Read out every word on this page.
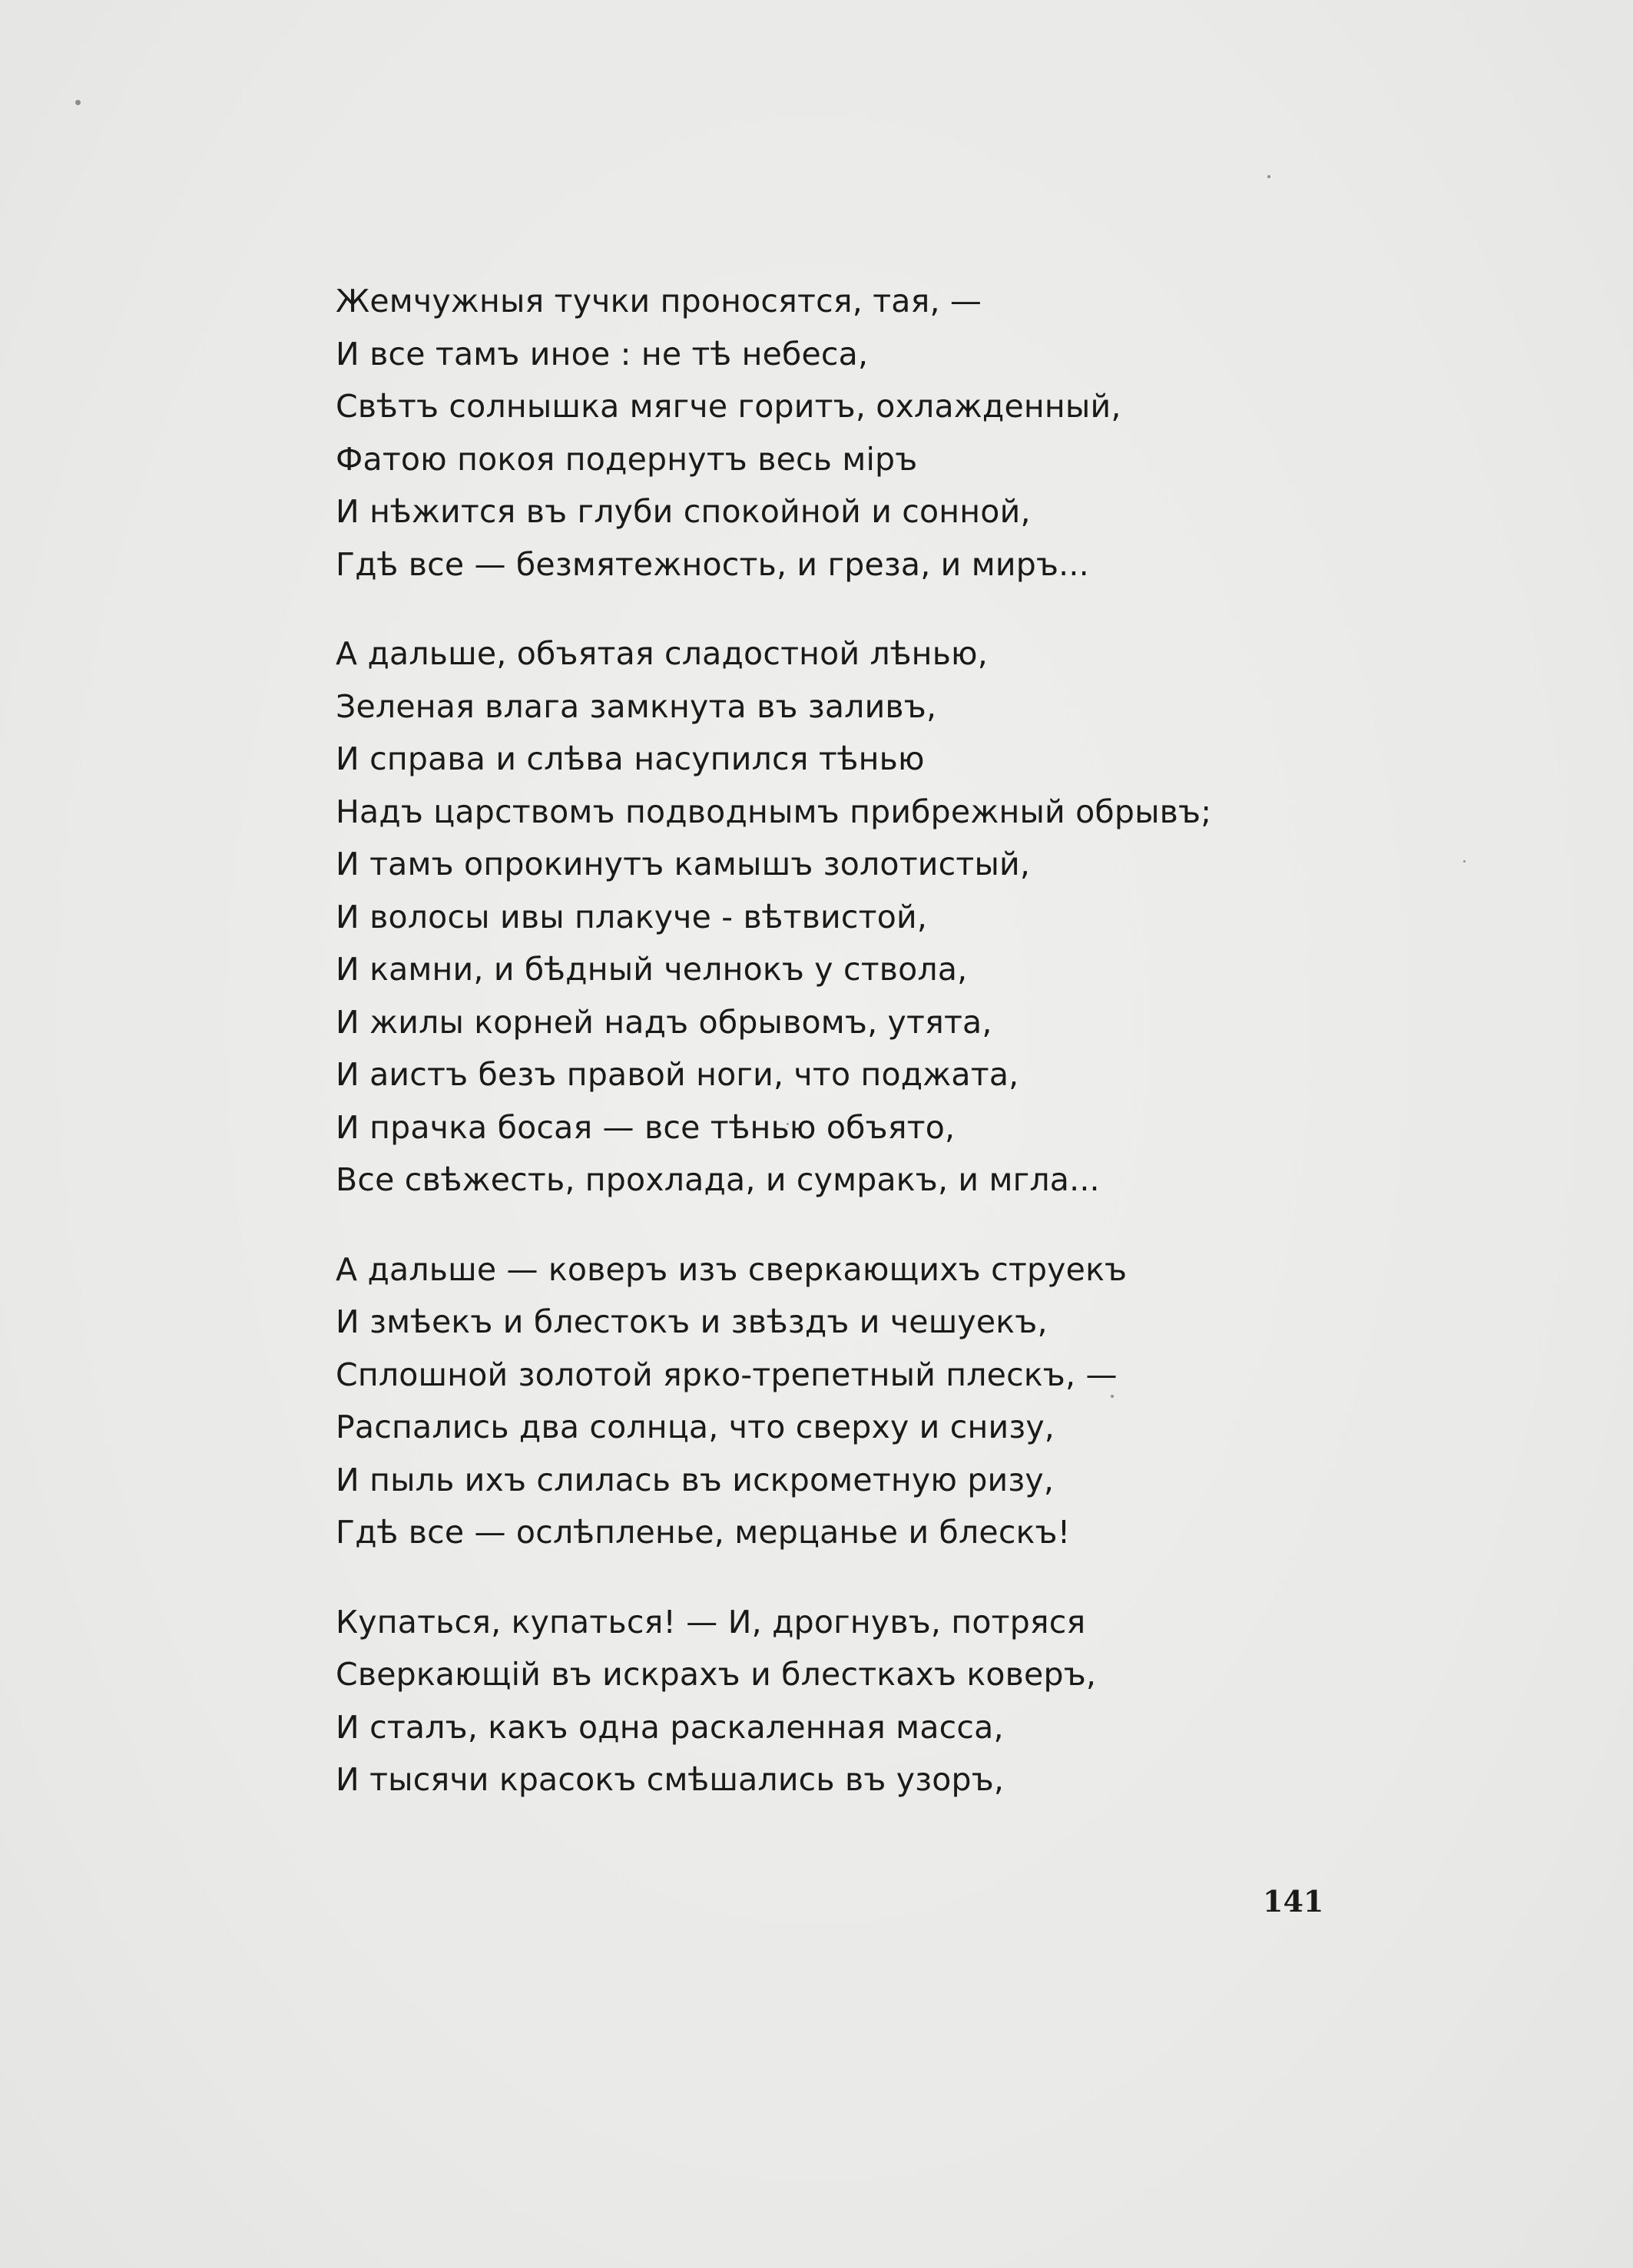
Жемчужныя тучки проносятся, тая, —
И все тамъ иное : не тѣ небеса,
Свѣтъ солнышка мягче горитъ, охлажденный,
Фатою покоя подернутъ весь міръ
И нѣжится въ глуби спокойной и сонной,
Гдѣ все — безмятежность, и греза, и миръ...
А дальше, объятая сладостной лѣнью,
Зеленая влага замкнута въ заливъ,
И справа и слѣва насупился тѣнью
Надъ царствомъ подводнымъ прибрежный обрывъ;
И тамъ опрокинутъ камышъ золотистый,
И волосы ивы плакуче - вѣтвистой,
И камни, и бѣдный челнокъ у ствола,
И жилы корней надъ обрывомъ, утята,
И аистъ безъ правой ноги, что поджата,
И прачка босая — все тѣнью объято,
Все свѣжесть, прохлада, и сумракъ, и мгла...
А дальше — коверъ изъ сверкающихъ струекъ
И змѣекъ и блестокъ и звѣздъ и чешуекъ,
Сплошной золотой ярко-трепетный плескъ, —
Распались два солнца, что сверху и снизу,
И пыль ихъ слилась въ искрометную ризу,
Гдѣ все — ослѣпленье, мерцанье и блескъ!
Купаться, купаться! — И, дрогнувъ, потряся
Сверкающій въ искрахъ и блесткахъ коверъ,
И сталъ, какъ одна раскаленная масса,
И тысячи красокъ смѣшались въ узоръ,
141
